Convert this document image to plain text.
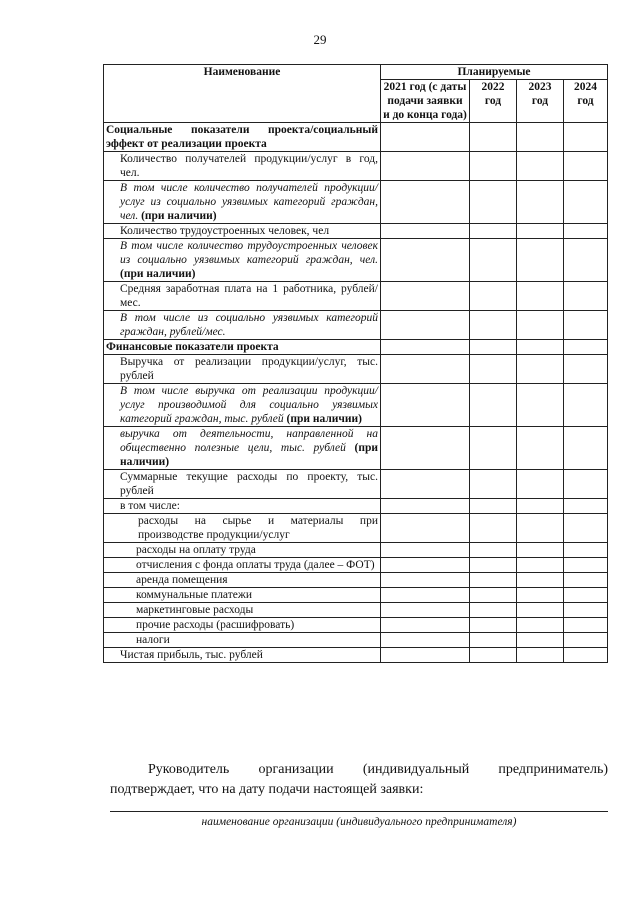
29
Наименование	Планируемые			
	2021 год (с даты подачи заявки и до конца года)	2022 год	2023 год	2024 год
Социальные показатели проекта/социальный эффект от реализации проекта				
Количество получателей продукции/услуг в год, чел.				
В том числе количество получателей продукции/услуг из социально уязвимых категорий граждан, чел. (при наличии)				
Количество трудоустроенных человек, чел				
В том числе количество трудоустроенных человек из социально уязвимых категорий граждан, чел. (при наличии)				
Средняя заработная плата на 1 работника, рублей/мес.				
В том числе из социально уязвимых категорий граждан, рублей/мес.				
Финансовые показатели проекта				
Выручка от реализации продукции/услуг, тыс. рублей				
В том числе выручка от реализации продукции/услуг производимой для социально уязвимых категорий граждан, тыс. рублей (при наличии)				
выручка от деятельности, направленной на общественно полезные цели, тыс. рублей (при наличии)				
Суммарные текущие расходы по проекту, тыс. рублей				
в том числе:				
расходы на сырье и материалы при производстве продукции/услуг				
расходы на оплату труда				
отчисления с фонда оплаты труда (далее – ФОТ)				
аренда помещения				
коммунальные платежи				
маркетинговые расходы				
прочие расходы (расшифровать)				
налоги				
Чистая прибыль, тыс. рублей				
Руководитель организации (индивидуальный предприниматель) подтверждает, что на дату подачи настоящей заявки:
наименование организации (индивидуального предпринимателя)
